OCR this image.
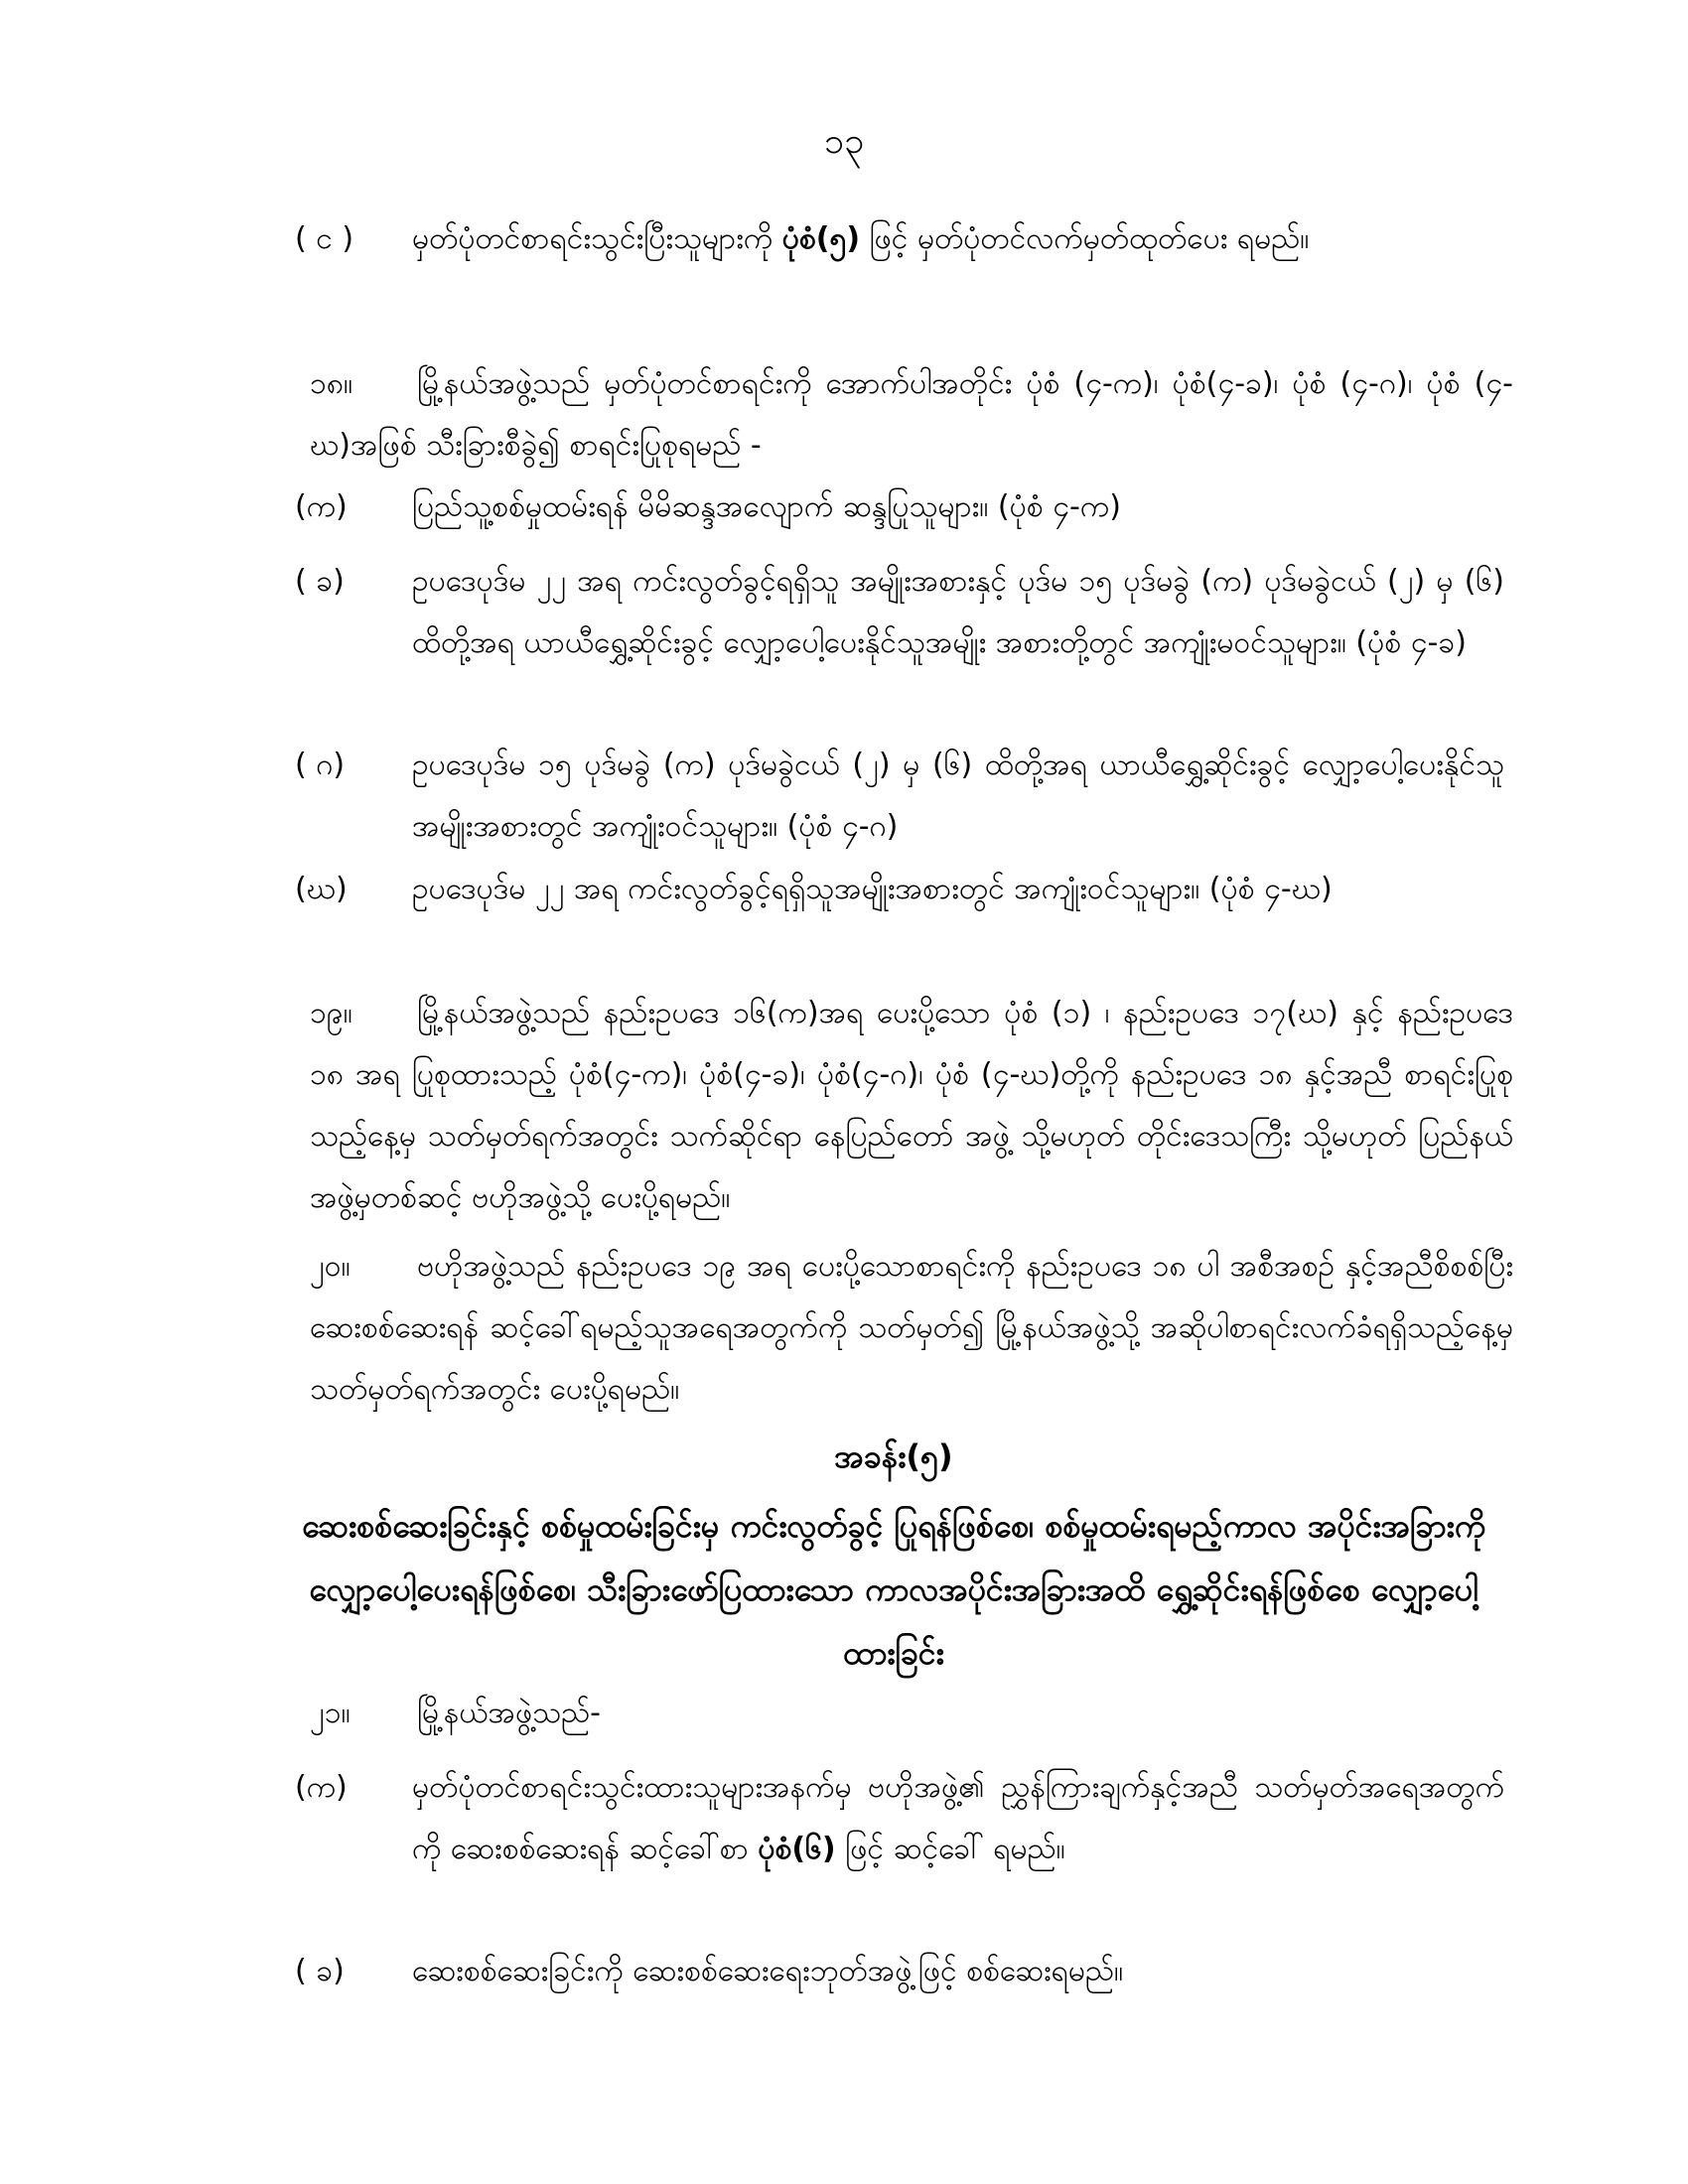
၁၃
( င )	မှတ်ပုံတင်စာရင်းသွင်းပြီးသူများကို ပုံစံ(၅) ဖြင့် မှတ်ပုံတင်လက်မှတ်ထုတ်ပေး ရမည်။
၁၈။ မြို့နယ်အဖွဲ့သည် မှတ်ပုံတင်စာရင်းကို အောက်ပါအတိုင်း ပုံစံ (၄-က)၊ ပုံစံ(၄-ခ)၊ ပုံစံ (၄-ဂ)၊ ပုံစံ (၄-ဃ)အဖြစ် သီးခြားစီခွဲ၍ စာရင်းပြုစုရမည် -
(က)	ပြည်သူ့စစ်မှုထမ်းရန် မိမိဆန္ဒအလျောက် ဆန္ဒပြုသူများ။ (ပုံစံ ၄-က)
( ခ)	ဥပဒေပုဒ်မ ၂၂ အရ ကင်းလွတ်ခွင့်ရရှိသူ အမျိုးအစားနှင့် ပုဒ်မ ၁၅ ပုဒ်မခွဲ (က) ပုဒ်မခွဲငယ် (၂) မှ (၆) ထိတို့အရ ယာယီရွှေ့ဆိုင်းခွင့် လျှော့ပေါ့ပေးနိုင်သူအမျိုး အစားတို့တွင် အကျုံးမဝင်သူများ။ (ပုံစံ ၄-ခ)
( ဂ)	ဥပဒေပုဒ်မ ၁၅ ပုဒ်မခွဲ (က) ပုဒ်မခွဲငယ် (၂) မှ (၆) ထိတို့အရ ယာယီရွှေ့ဆိုင်းခွင့် လျှော့ပေါ့ပေးနိုင်သူ အမျိုးအစားတွင် အကျုံးဝင်သူများ။ (ပုံစံ ၄-ဂ)
(ဃ)	ဥပဒေပုဒ်မ ၂၂ အရ ကင်းလွတ်ခွင့်ရရှိသူအမျိုးအစားတွင် အကျုံးဝင်သူများ။ (ပုံစံ ၄-ဃ)
၁၉။ မြို့နယ်အဖွဲ့သည် နည်းဥပဒေ ၁၆(က)အရ ပေးပို့သော ပုံစံ (၁) ၊ နည်းဥပဒေ ၁၇(ဃ) နှင့် နည်းဥပဒေ ၁၈ အရ ပြုစုထားသည့် ပုံစံ(၄-က)၊ ပုံစံ(၄-ခ)၊ ပုံစံ(၄-ဂ)၊ ပုံစံ (၄-ဃ)တို့ကို နည်းဥပဒေ ၁၈ နှင့်အညီ စာရင်းပြုစုသည့်နေ့မှ သတ်မှတ်ရက်အတွင်း သက်ဆိုင်ရာ နေပြည်တော် အဖွဲ့ သို့မဟုတ် တိုင်းဒေသကြီး သို့မဟုတ် ပြည်နယ်အဖွဲ့မှတစ်ဆင့် ဗဟိုအဖွဲ့သို့ ပေးပို့ရမည်။
၂၀။ ဗဟိုအဖွဲ့သည် နည်းဥပဒေ ၁၉ အရ ပေးပို့သောစာရင်းကို နည်းဥပဒေ ၁၈ ပါ အစီအစဉ် နှင့်အညီစိစစ်ပြီး ဆေးစစ်ဆေးရန် ဆင့်ခေါ်ရမည့်သူအရေအတွက်ကို သတ်မှတ်၍ မြို့နယ်အဖွဲ့သို့ အဆိုပါစာရင်းလက်ခံရရှိသည့်နေ့မှ သတ်မှတ်ရက်အတွင်း ပေးပို့ရမည်။
အခန်း(၅)
ဆေးစစ်ဆေးခြင်းနှင့် စစ်မှုထမ်းခြင်းမှ ကင်းလွတ်ခွင့် ပြုရန်ဖြစ်စေ၊ စစ်မှုထမ်းရမည့်ကာလ အပိုင်းအခြားကို လျှော့ပေါ့ပေးရန်ဖြစ်စေ၊ သီးခြားဖော်ပြထားသော ကာလအပိုင်းအခြားအထိ ရွှေ့ဆိုင်းရန်ဖြစ်စေ လျှော့ပေါ့ထားခြင်း
၂၁။ မြို့နယ်အဖွဲ့သည်-
(က)	မှတ်ပုံတင်စာရင်းသွင်းထားသူများအနက်မှ ဗဟိုအဖွဲ့၏ ညွှန်ကြားချက်နှင့်အညီ သတ်မှတ်အရေအတွက်ကို ဆေးစစ်ဆေးရန် ဆင့်ခေါ်စာ ပုံစံ(၆) ဖြင့် ဆင့်ခေါ် ရမည်။
( ခ)	ဆေးစစ်ဆေးခြင်းကို ဆေးစစ်ဆေးရေးဘုတ်အဖွဲ့ဖြင့် စစ်ဆေးရမည်။
